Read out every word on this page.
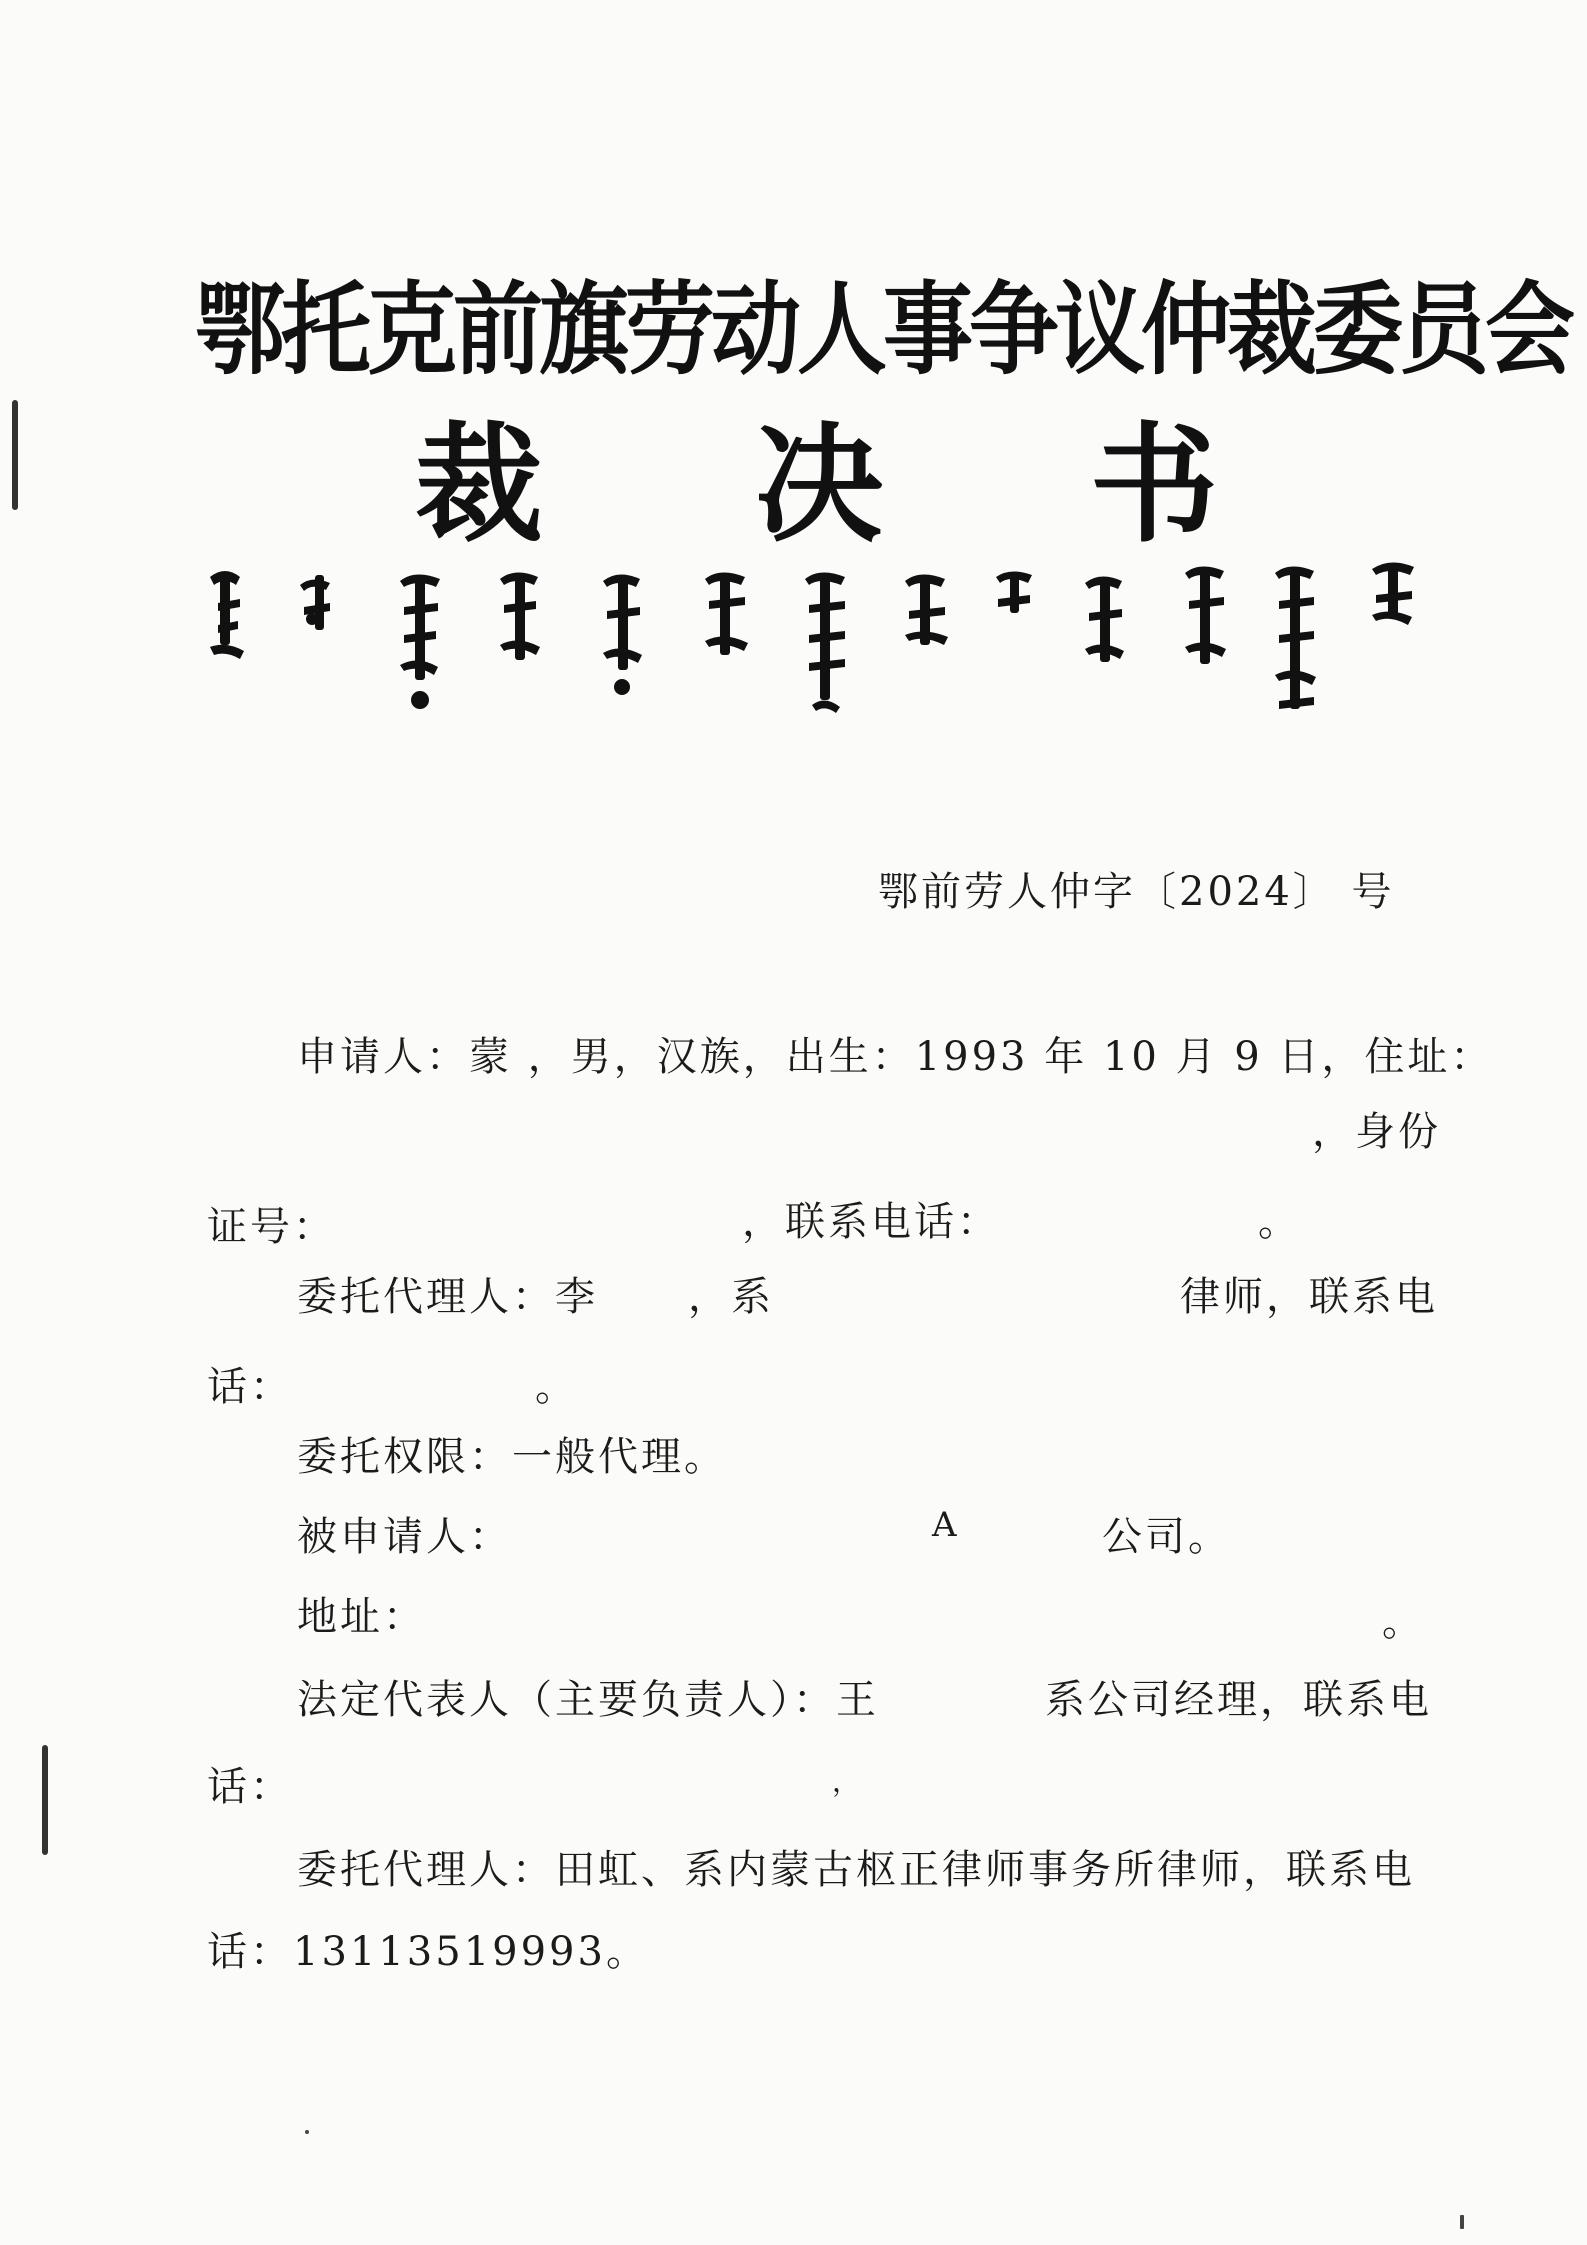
鄂托克前旗劳动人事争议仲裁委员会
裁 决 书
鄂前劳人仲字〔2024〕 号
申请人：蒙 ，男，汉族，出生：1993 年 10 月 9 日，住址：
，身份
证号：	，联系电话：	。
委托代理人：李 ，系	律师，联系电
话：	。
委托权限：一般代理。
被申请人：	A	公司。
地址：	。
法定代表人（主要负责人）：王	系公司经理，联系电
话：	，
委托代理人：田虹、系内蒙古枢正律师事务所律师，联系电
话：13113519993。
